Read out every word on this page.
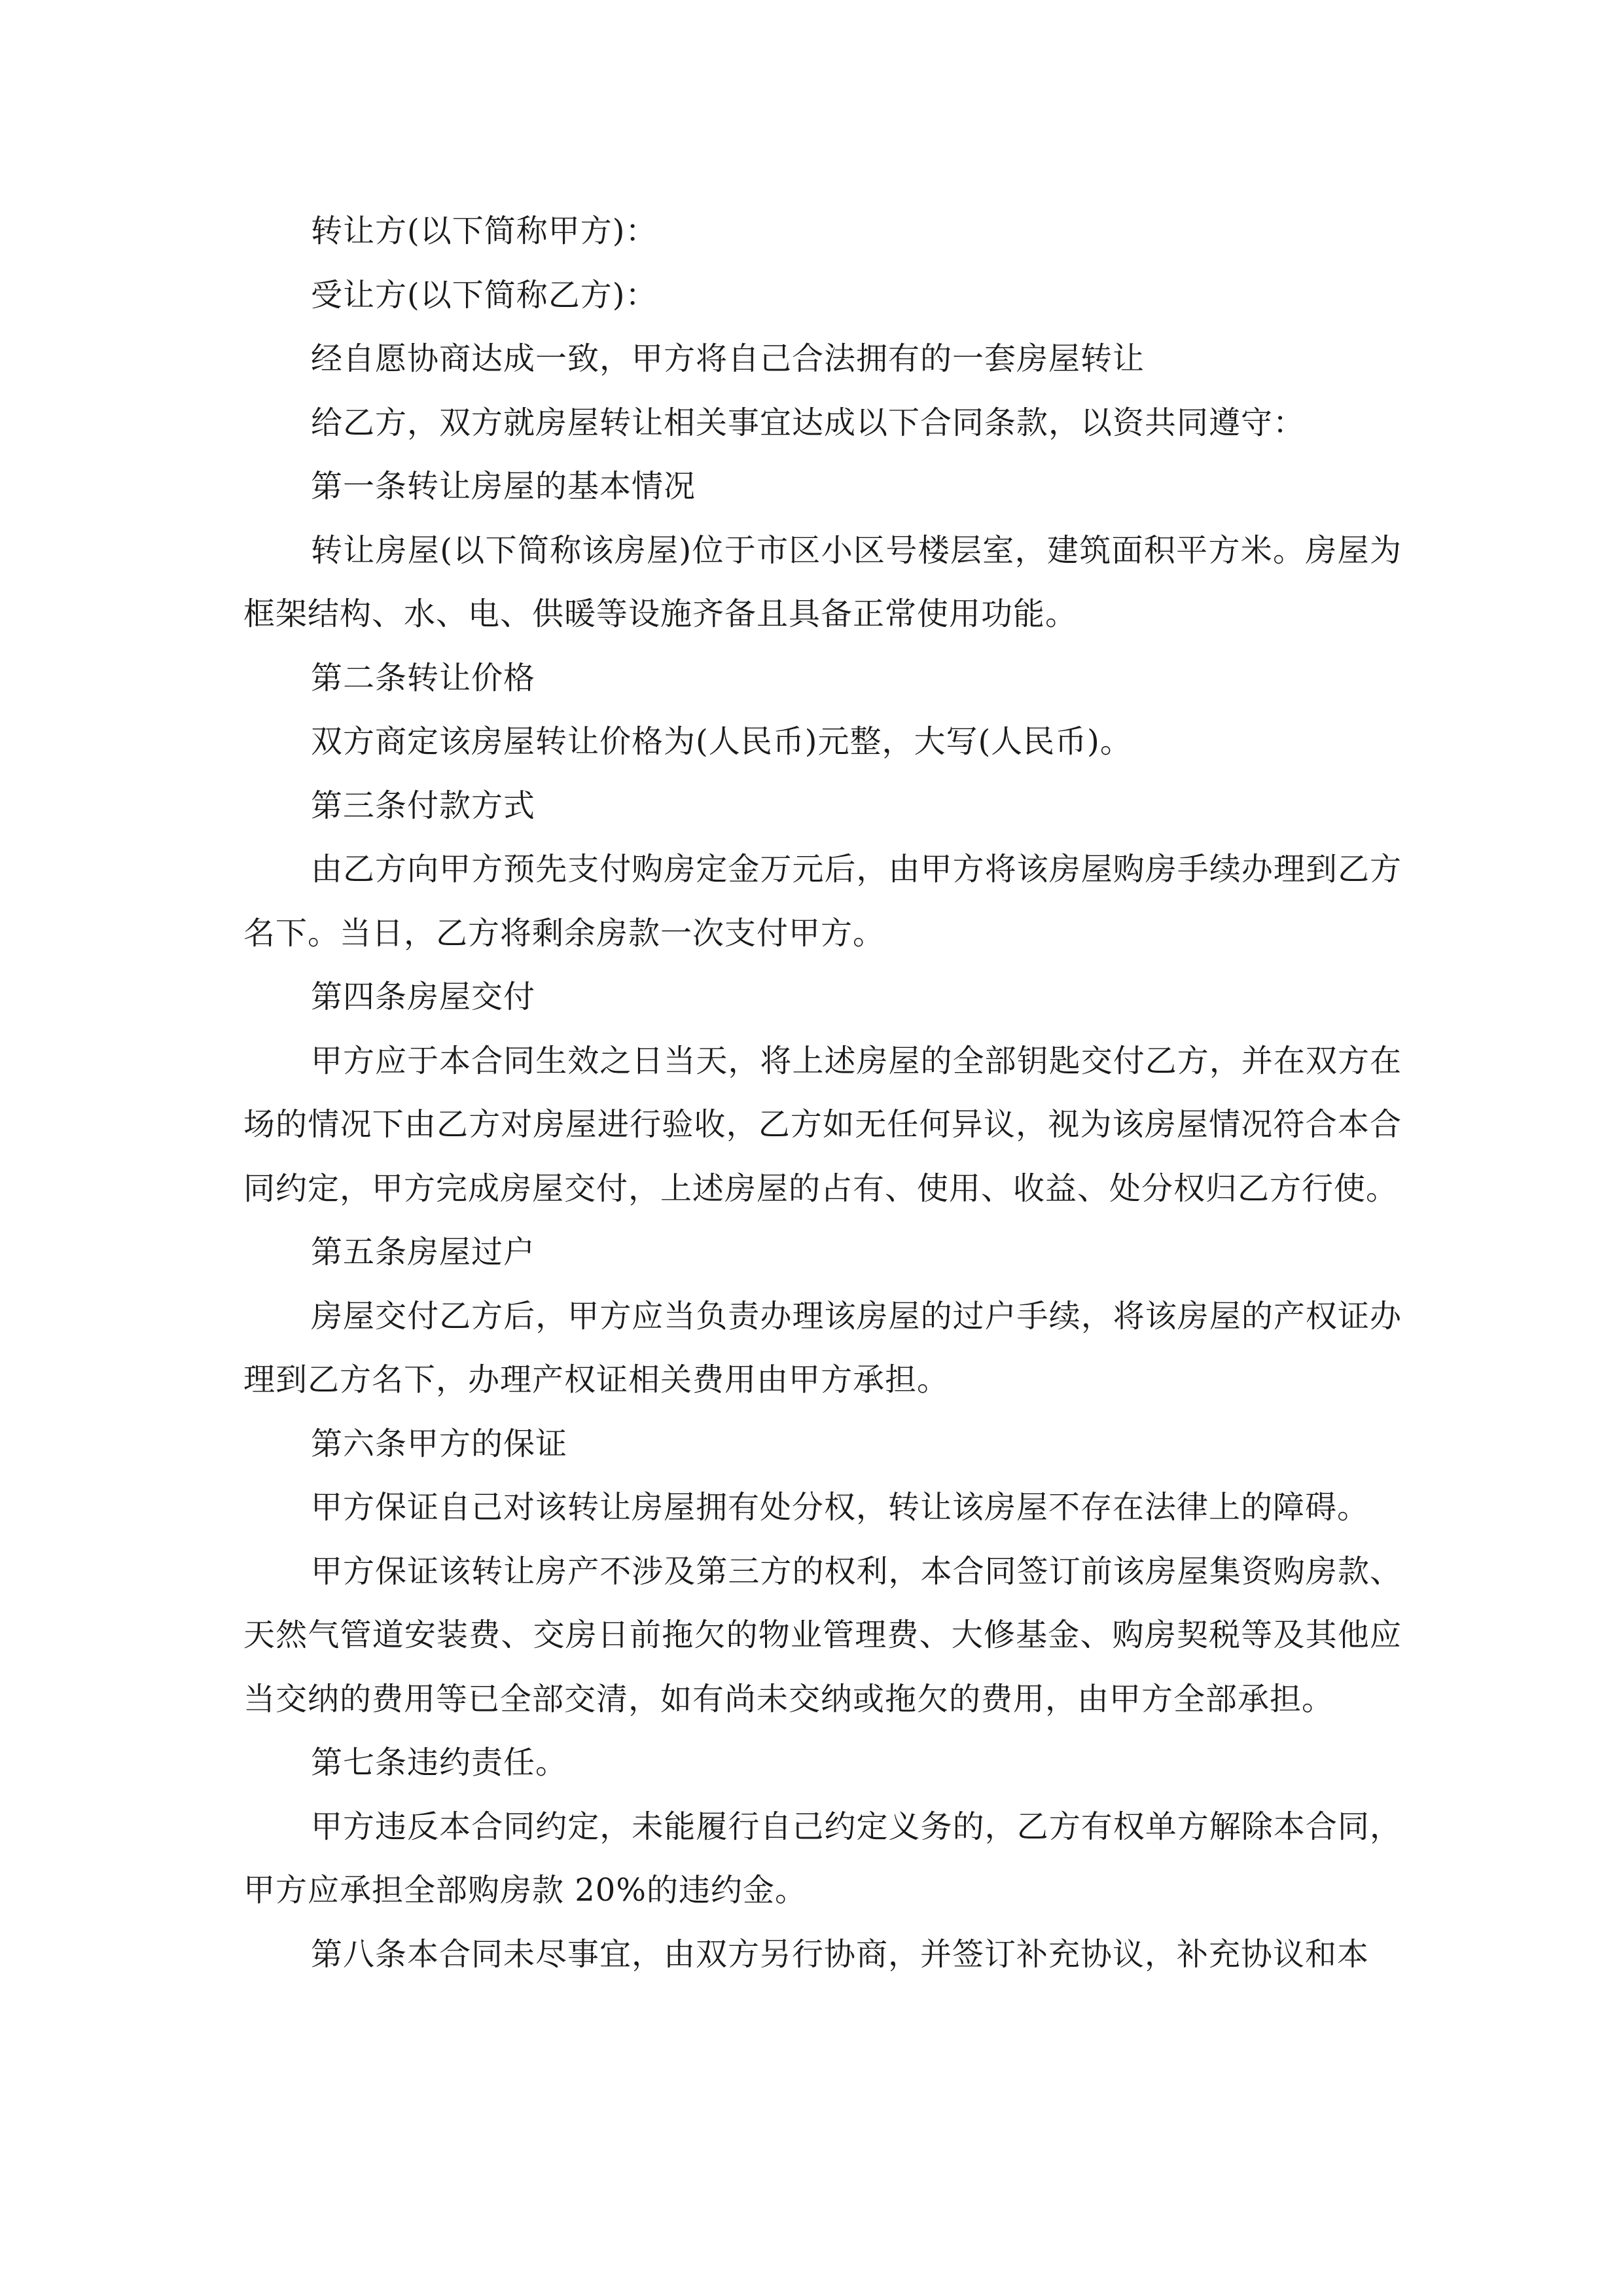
转让方(以下简称甲方)：

受让方(以下简称乙方)：

经自愿协商达成一致，甲方将自己合法拥有的一套房屋转让

给乙方，双方就房屋转让相关事宜达成以下合同条款，以资共同遵守：

第一条转让房屋的基本情况

转让房屋(以下简称该房屋)位于市区小区号楼层室，建筑面积平方米。房屋为框架结构、水、电、供暖等设施齐备且具备正常使用功能。

第二条转让价格

双方商定该房屋转让价格为(人民币)元整，大写(人民币)。

第三条付款方式

由乙方向甲方预先支付购房定金万元后，由甲方将该房屋购房手续办理到乙方名下。当日，乙方将剩余房款一次支付甲方。

第四条房屋交付

甲方应于本合同生效之日当天，将上述房屋的全部钥匙交付乙方，并在双方在场的情况下由乙方对房屋进行验收，乙方如无任何异议，视为该房屋情况符合本合同约定，甲方完成房屋交付，上述房屋的占有、使用、收益、处分权归乙方行使。

第五条房屋过户

房屋交付乙方后，甲方应当负责办理该房屋的过户手续，将该房屋的产权证办理到乙方名下，办理产权证相关费用由甲方承担。

第六条甲方的保证

甲方保证自己对该转让房屋拥有处分权，转让该房屋不存在法律上的障碍。

甲方保证该转让房产不涉及第三方的权利，本合同签订前该房屋集资购房款、天然气管道安装费、交房日前拖欠的物业管理费、大修基金、购房契税等及其他应当交纳的费用等已全部交清，如有尚未交纳或拖欠的费用，由甲方全部承担。

第七条违约责任。

甲方违反本合同约定，未能履行自己约定义务的，乙方有权单方解除本合同，甲方应承担全部购房款 20%的违约金。

第八条本合同未尽事宜，由双方另行协商，并签订补充协议，补充协议和本
